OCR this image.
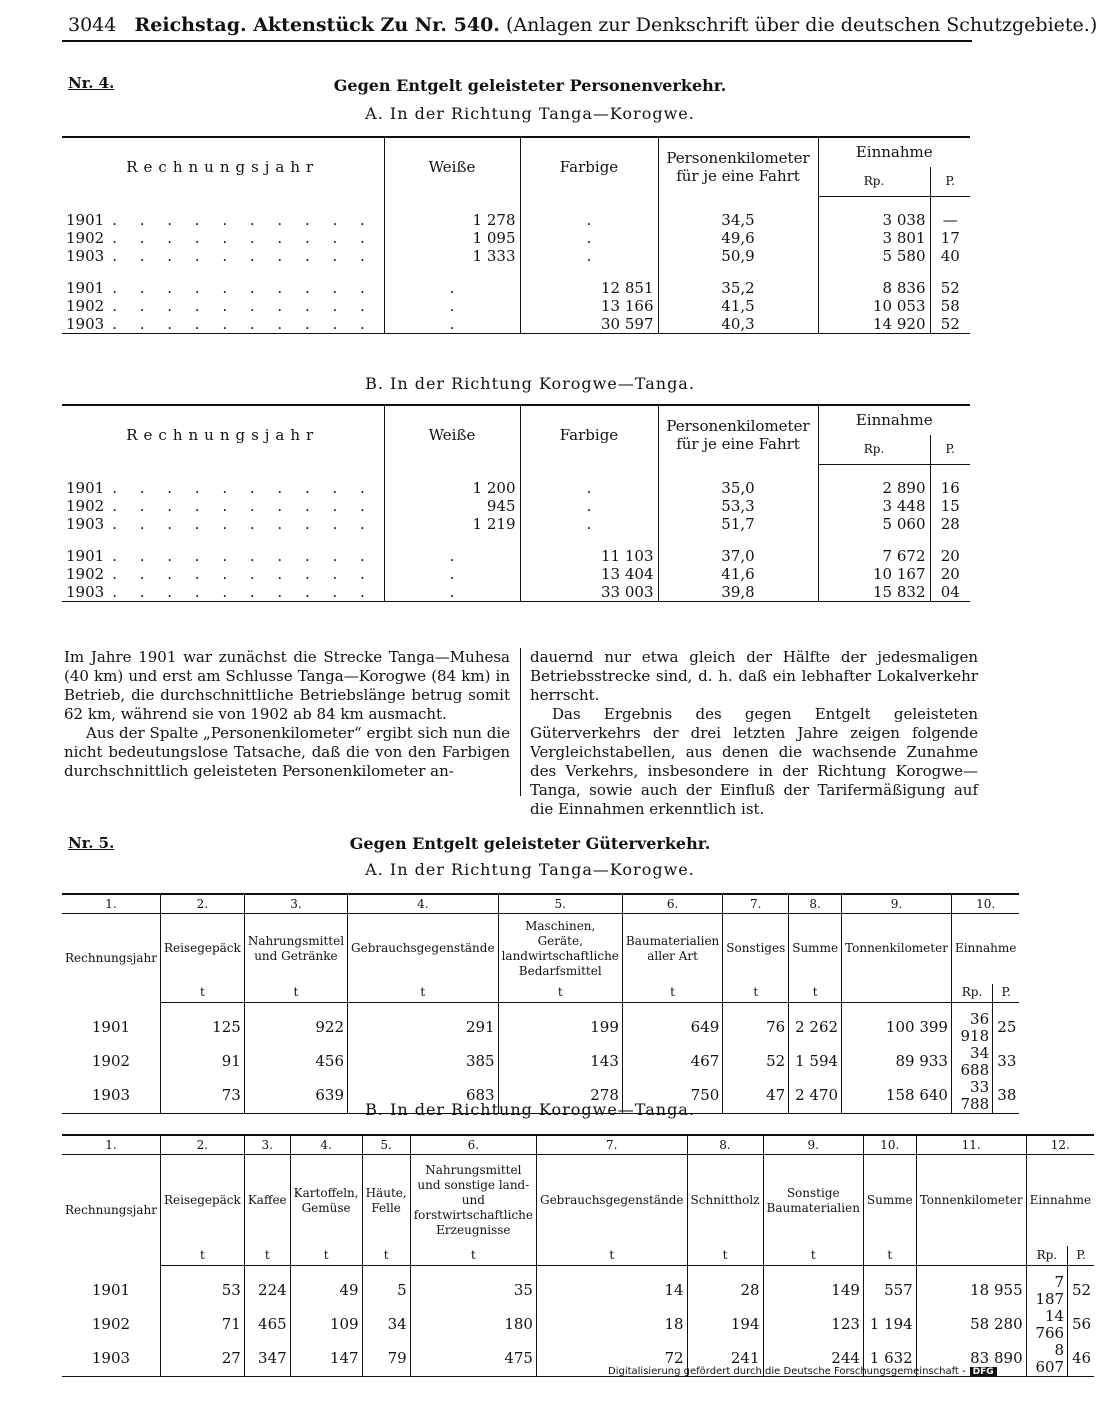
3044 Reichstag. Aktenstück Zu Nr. 540. (Anlagen zur Denkschrift über die deutschen Schutzgebiete.)
Nr. 4.	Gegen Entgelt geleisteter Personenverkehr.
A. In der Richtung Tanga—Korogwe.
Rechnungsjahr	Weiße	Farbige	Personenkilometer für je eine Fahrt	Einnahme	
				Rp.	P.

1901 . . . . . . . . . .	1 278	.	34,5	3 038	—
1902 . . . . . . . . . .	1 095	.	49,6	3 801	17
1903 . . . . . . . . . .	1 333	.	50,9	5 580	40

1901 . . . . . . . . . .	.	12 851	35,2	8 836	52
1902 . . . . . . . . . .	.	13 166	41,5	10 053	58
1903 . . . . . . . . . .	.	30 597	40,3	14 920	52
B. In der Richtung Korogwe—Tanga.
Rechnungsjahr	Weiße	Farbige	Personenkilometer für je eine Fahrt	Einnahme	
				Rp.	P.

1901 . . . . . . . . . .	1 200	.	35,0	2 890	16
1902 . . . . . . . . . .	945	.	53,3	3 448	15
1903 . . . . . . . . . .	1 219	.	51,7	5 060	28

1901 . . . . . . . . . .	.	11 103	37,0	7 672	20
1902 . . . . . . . . . .	.	13 404	41,6	10 167	20
1903 . . . . . . . . . .	.	33 003	39,8	15 832	04

Im Jahre 1901 war zunächst die Strecke Tanga—Muhesa (40 km) und erst am Schlusse Tanga—Korogwe (84 km) in Betrieb, die durchschnittliche Betriebslänge betrug somit 62 km, während sie von 1902 ab 84 km ausmacht.

Aus der Spalte „Personenkilometer“ ergibt sich nun die nicht bedeutungslose Tatsache, daß die von den Farbigen durchschnittlich geleisteten Personenkilometer an-

dauernd nur etwa gleich der Hälfte der jedesmaligen Betriebsstrecke sind, d. h. daß ein lebhafter Lokalverkehr herrscht.

Das Ergebnis des gegen Entgelt geleisteten Güterverkehrs der drei letzten Jahre zeigen folgende Vergleichstabellen, aus denen die wachsende Zunahme des Verkehrs, insbesondere in der Richtung Korogwe—Tanga, sowie auch der Einfluß der Tarifermäßigung auf die Einnahmen erkenntlich ist.

Nr. 5.	Gegen Entgelt geleisteter Güterverkehr.
A. In der Richtung Tanga—Korogwe.
1.	2.	3.	4.	5.	6.	7.	8.	9.	10.	
Rechnungsjahr	Reisegepäck	Nahrungsmittel und Getränke	Gebrauchsgegenstände	Maschinen, Geräte, landwirtschaftliche Bedarfsmittel	Baumaterialien aller Art	Sonstiges	Summe	Tonnenkilometer	Einnahme	
	t	t	t	t	t	t	t		Rp.	P.
1901	125	922	291	199	649	76	2 262	100 399	36 918	25
1902	91	456	385	143	467	52	1 594	89 933	34 688	33
1903	73	639	683	278	750	47	2 470	158 640	33 788	38
B. In der Richtung Korogwe—Tanga.
1.	2.	3.	4.	5.	6.	7.	8.	9.	10.	11.	12.	
Rechnungsjahr	Reisegepäck	Kaffee	Kartoffeln, Gemüse	Häute, Felle	Nahrungsmittel und sonstige land- und forstwirtschaftliche Erzeugnisse	Gebrauchsgegenstände	Schnittholz	Sonstige Baumaterialien	Summe	Tonnenkilometer	Einnahme	
	t	t	t	t	t	t	t	t	t		Rp.	P.
1901	53	224	49	5	35	14	28	149	557	18 955	7 187	52
1902	71	465	109	34	180	18	194	123	1 194	58 280	14 766	56
1903	27	347	147	79	475	72	241	244	1 632	83 890	8 607	46
Digitalisierung gefördert durch die Deutsche Forschungsgemeinschaft - DFG
